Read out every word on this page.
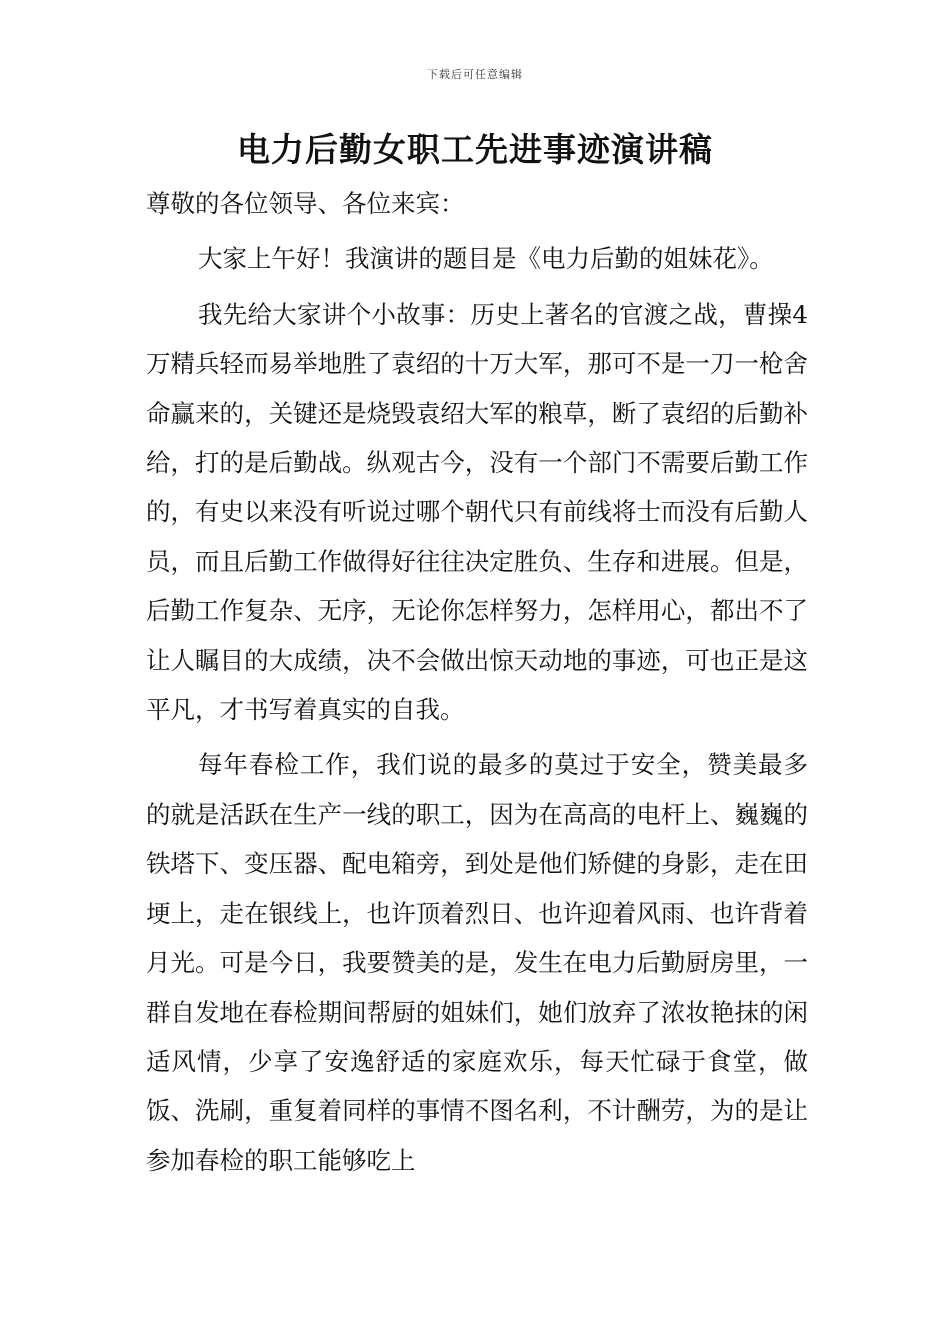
下载后可任意编辑
电力后勤女职工先进事迹演讲稿

尊敬的各位领导、各位来宾：

大家上午好！我演讲的题目是《电力后勤的姐妹花》。

我先给大家讲个小故事：历史上著名的官渡之战，曹操4万精兵轻而易举地胜了袁绍的十万大军，那可不是一刀一枪舍命赢来的，关键还是烧毁袁绍大军的粮草，断了袁绍的后勤补给，打的是后勤战。纵观古今，没有一个部门不需要后勤工作的，有史以来没有听说过哪个朝代只有前线将士而没有后勤人员，而且后勤工作做得好往往决定胜负、生存和进展。但是，后勤工作复杂、无序，无论你怎样努力，怎样用心，都出不了让人瞩目的大成绩，决不会做出惊天动地的事迹，可也正是这平凡，才书写着真实的自我。

每年春检工作，我们说的最多的莫过于安全，赞美最多的就是活跃在生产一线的职工，因为在高高的电杆上、巍巍的铁塔下、变压器、配电箱旁，到处是他们矫健的身影，走在田埂上，走在银线上，也许顶着烈日、也许迎着风雨、也许背着月光。可是今日，我要赞美的是，发生在电力后勤厨房里，一群自发地在春检期间帮厨的姐妹们，她们放弃了浓妆艳抹的闲适风情，少享了安逸舒适的家庭欢乐，每天忙碌于食堂，做饭、洗刷，重复着同样的事情不图名利，不计酬劳，为的是让参加春检的职工能够吃上
